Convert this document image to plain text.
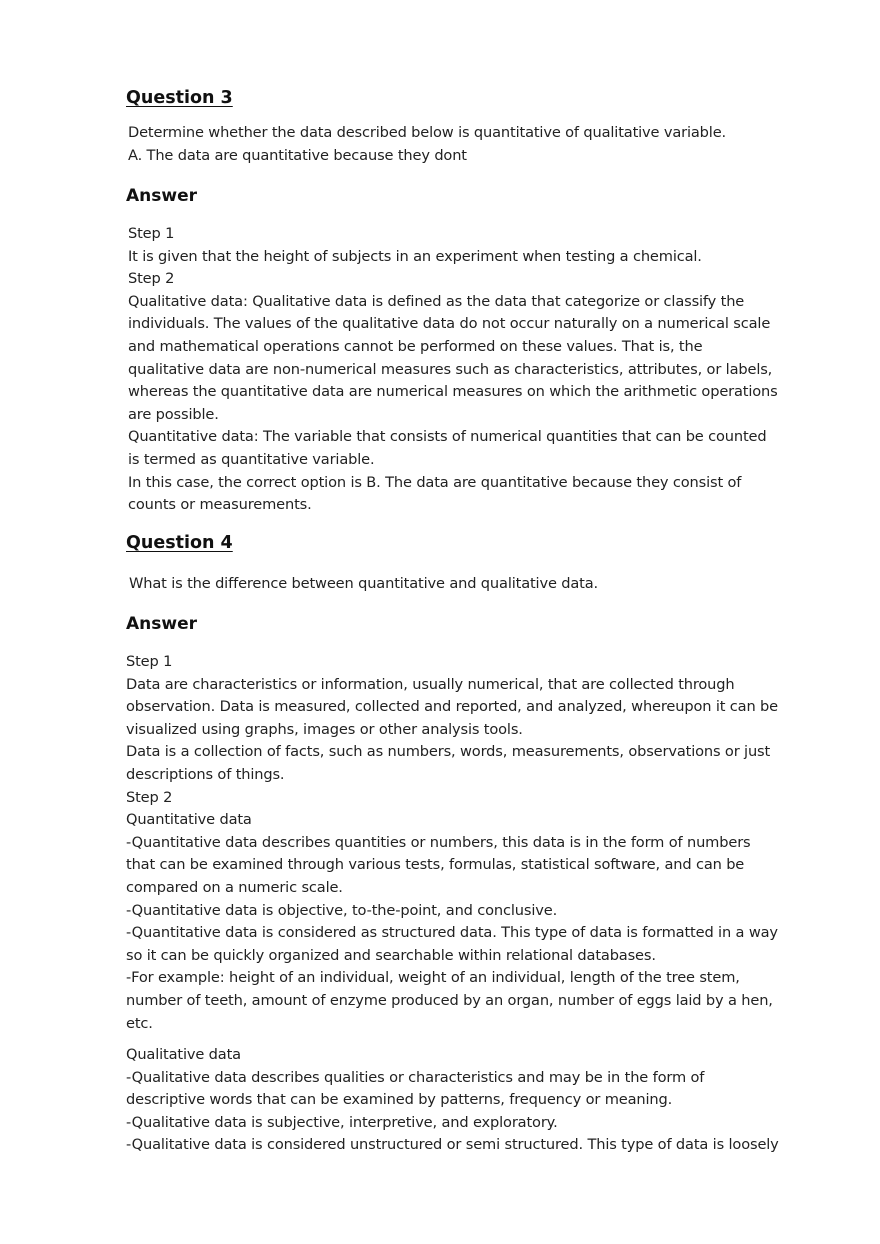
Question 3
Determine whether the data described below is quantitative of qualitative variable.
A. The data are quantitative because they dont
Answer
Step 1
It is given that the height of subjects in an experiment when testing a chemical.
Step 2
Qualitative data: Qualitative data is defined as the data that categorize or classify the
individuals. The values of the qualitative data do not occur naturally on a numerical scale
and mathematical operations cannot be performed on these values. That is, the
qualitative data are non-numerical measures such as characteristics, attributes, or labels,
whereas the quantitative data are numerical measures on which the arithmetic operations
are possible.
Quantitative data: The variable that consists of numerical quantities that can be counted
is termed as quantitative variable.
In this case, the correct option is B. The data are quantitative because they consist of
counts or measurements.
Question 4
What is the difference between quantitative and qualitative data.
Answer
Step 1
Data are characteristics or information, usually numerical, that are collected through
observation. Data is measured, collected and reported, and analyzed, whereupon it can be
visualized using graphs, images or other analysis tools.
Data is a collection of facts, such as numbers, words, measurements, observations or just
descriptions of things.
Step 2
Quantitative data
-Quantitative data describes quantities or numbers, this data is in the form of numbers
that can be examined through various tests, formulas, statistical software, and can be
compared on a numeric scale.
-Quantitative data is objective, to-the-point, and conclusive.
-Quantitative data is considered as structured data. This type of data is formatted in a way
so it can be quickly organized and searchable within relational databases.
-For example: height of an individual, weight of an individual, length of the tree stem,
number of teeth, amount of enzyme produced by an organ, number of eggs laid by a hen,
etc.
Qualitative data
-Qualitative data describes qualities or characteristics and may be in the form of
descriptive words that can be examined by patterns, frequency or meaning.
-Qualitative data is subjective, interpretive, and exploratory.
-Qualitative data is considered unstructured or semi structured. This type of data is loosely
